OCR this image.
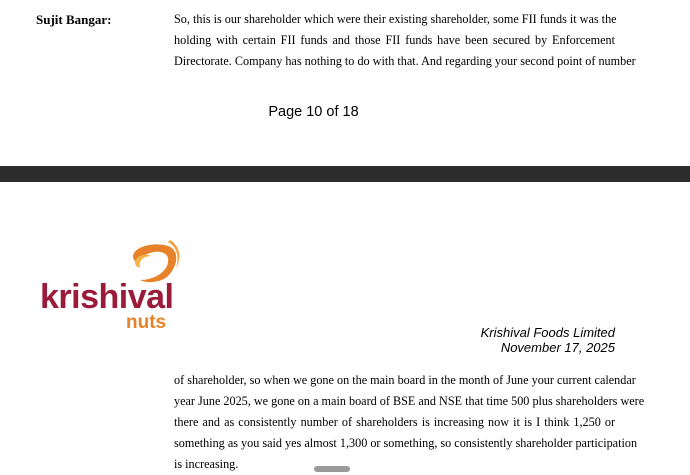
Sujit Bangar:	So, this is our shareholder which were their existing shareholder, some FII funds it was the
holding with certain FII funds and those FII funds have been secured by Enforcement
Directorate. Company has nothing to do with that. And regarding your second point of number
Page 10 of 18
krishival
nuts	Krishival Foods Limited
November 17, 2025
of shareholder, so when we gone on the main board in the month of June your current calendar
year June 2025, we gone on a main board of BSE and NSE that time 500 plus shareholders were
there and as consistently number of shareholders is increasing now it is I think 1,250 or
something as you said yes almost 1,300 or something, so consistently shareholder participation
is increasing.
